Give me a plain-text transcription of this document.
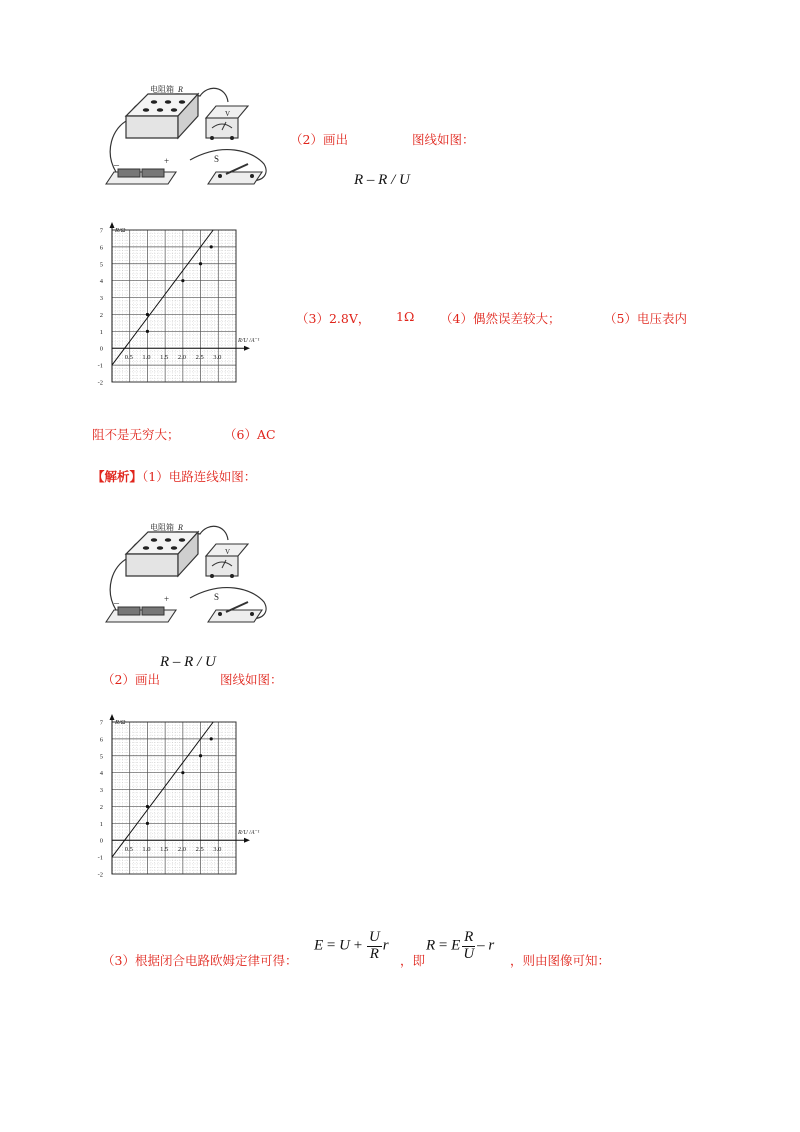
电阻箱 R
V
–	+	S
（2）画出	图线如图：
R – R / U
0.5 1.0 1.5 2.0 2.5 3.0
7
6
5
4
3
2
1
0
-1
-2
R/Ω
R/U /A⁻¹
（3）2.8V， 1Ω （4）偶然误差较大；	（5）电压表内
阻不是无穷大；	（6）AC
【解析】（1）电路连线如图：
电阻箱 R
V
–	+	S
（2）画出
R – R / U
图线如图：
0.5 1.0 1.5 2.0 2.5 3.0
7
6
5
4
3
2
1
0
-1
-2
R/Ω
R/U /A⁻¹
（3）根据闭合电路欧姆定律可得：
$E = U + \frac{U}{R}$ r
，即
R = E $\frac{R}{U}$ – r
，则由图像可知：
